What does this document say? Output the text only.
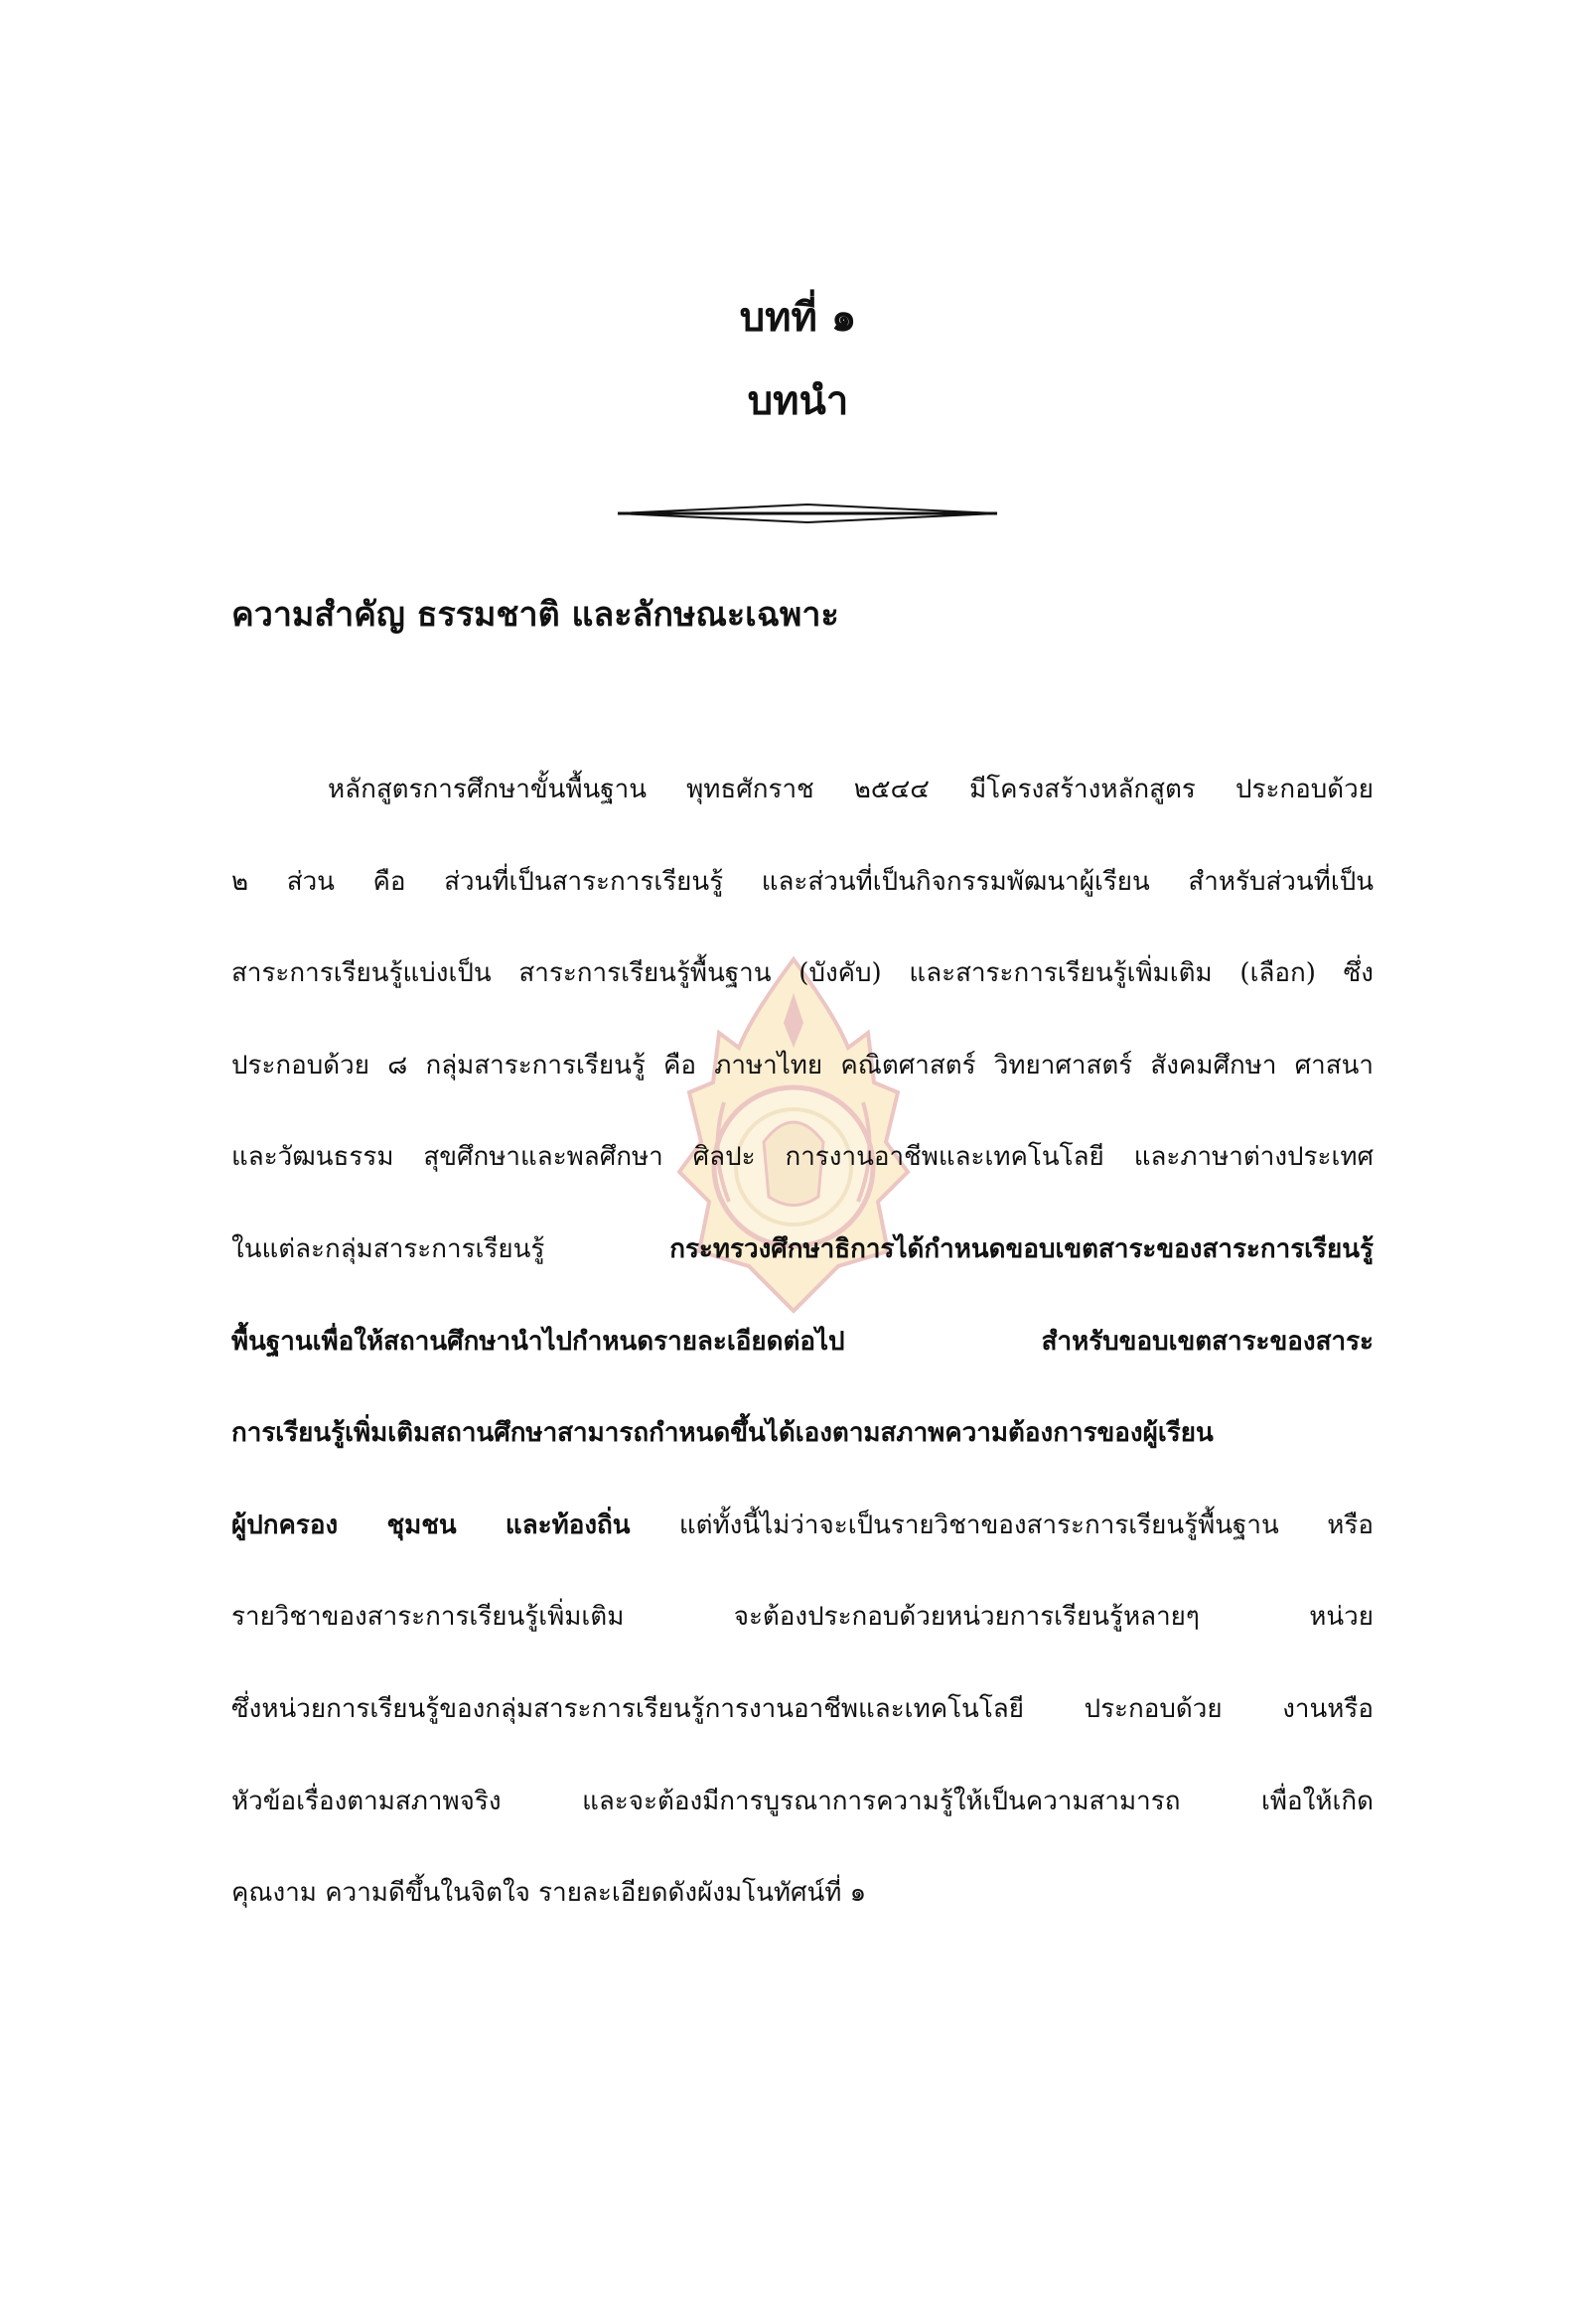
บทที่ ๑
บทนำ
ความสำคัญ ธรรมชาติ และลักษณะเฉพาะ
หลักสูตรการศึกษาขั้นพื้นฐาน พุทธศักราช ๒๕๔๔ มีโครงสร้างหลักสูตร ประกอบด้วย
๒ ส่วน คือ ส่วนที่เป็นสาระการเรียนรู้ และส่วนที่เป็นกิจกรรมพัฒนาผู้เรียน สำหรับส่วนที่เป็น
สาระการเรียนรู้แบ่งเป็น สาระการเรียนรู้พื้นฐาน (บังคับ) และสาระการเรียนรู้เพิ่มเติม (เลือก) ซึ่ง
ประกอบด้วย ๘ กลุ่มสาระการเรียนรู้ คือ ภาษาไทย คณิตศาสตร์ วิทยาศาสตร์ สังคมศึกษา ศาสนา
และวัฒนธรรม สุขศึกษาและพลศึกษา ศิลปะ การงานอาชีพและเทคโนโลยี และภาษาต่างประเทศ
ในแต่ละกลุ่มสาระการเรียนรู้ กระทรวงศึกษาธิการได้กำหนดขอบเขตสาระของสาระการเรียนรู้
พื้นฐานเพื่อให้สถานศึกษานำไปกำหนดรายละเอียดต่อไป สำหรับขอบเขตสาระของสาระ
การเรียนรู้เพิ่มเติมสถานศึกษาสามารถกำหนดขึ้นได้เองตามสภาพความต้องการของผู้เรียน
ผู้ปกครอง ชุมชน และท้องถิ่น แต่ทั้งนี้ไม่ว่าจะเป็นรายวิชาของสาระการเรียนรู้พื้นฐาน หรือ
รายวิชาของสาระการเรียนรู้เพิ่มเติม จะต้องประกอบด้วยหน่วยการเรียนรู้หลายๆ หน่วย
ซึ่งหน่วยการเรียนรู้ของกลุ่มสาระการเรียนรู้การงานอาชีพและเทคโนโลยี ประกอบด้วย งานหรือ
หัวข้อเรื่องตามสภาพจริง และจะต้องมีการบูรณาการความรู้ให้เป็นความสามารถ เพื่อให้เกิด
คุณงาม ความดีขึ้นในจิตใจ รายละเอียดดังผังมโนทัศน์ที่ ๑
